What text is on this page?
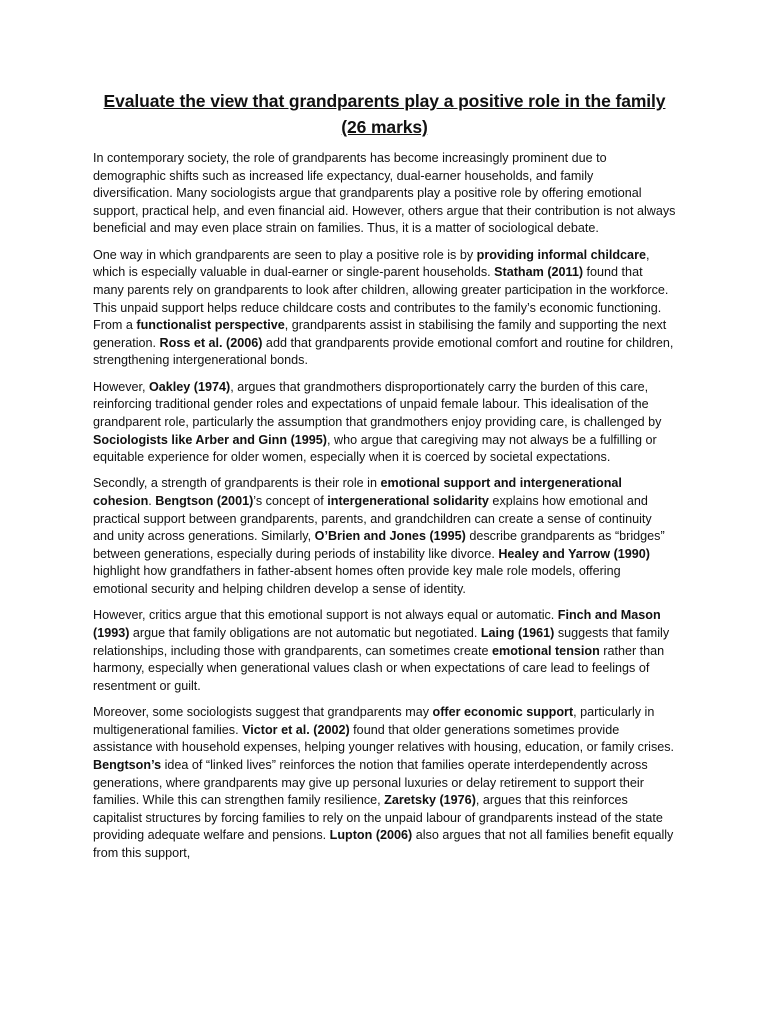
Evaluate the view that grandparents play a positive role in the family (26 marks)

In contemporary society, the role of grandparents has become increasingly prominent due to demographic shifts such as increased life expectancy, dual-earner households, and family diversification. Many sociologists argue that grandparents play a positive role by offering emotional support, practical help, and even financial aid. However, others argue that their contribution is not always beneficial and may even place strain on families. Thus, it is a matter of sociological debate.

One way in which grandparents are seen to play a positive role is by providing informal childcare, which is especially valuable in dual-earner or single-parent households. Statham (2011) found that many parents rely on grandparents to look after children, allowing greater participation in the workforce. This unpaid support helps reduce childcare costs and contributes to the family’s economic functioning. From a functionalist perspective, grandparents assist in stabilising the family and supporting the next generation. Ross et al. (2006) add that grandparents provide emotional comfort and routine for children, strengthening intergenerational bonds.

However, Oakley (1974), argues that grandmothers disproportionately carry the burden of this care, reinforcing traditional gender roles and expectations of unpaid female labour. This idealisation of the grandparent role, particularly the assumption that grandmothers enjoy providing care, is challenged by Sociologists like Arber and Ginn (1995), who argue that caregiving may not always be a fulfilling or equitable experience for older women, especially when it is coerced by societal expectations.

Secondly, a strength of grandparents is their role in emotional support and intergenerational cohesion. Bengtson (2001)’s concept of intergenerational solidarity explains how emotional and practical support between grandparents, parents, and grandchildren can create a sense of continuity and unity across generations. Similarly, O’Brien and Jones (1995) describe grandparents as “bridges” between generations, especially during periods of instability like divorce. Healey and Yarrow (1990) highlight how grandfathers in father-absent homes often provide key male role models, offering emotional security and helping children develop a sense of identity.

However, critics argue that this emotional support is not always equal or automatic. Finch and Mason (1993) argue that family obligations are not automatic but negotiated. Laing (1961) suggests that family relationships, including those with grandparents, can sometimes create emotional tension rather than harmony, especially when generational values clash or when expectations of care lead to feelings of resentment or guilt.

Moreover, some sociologists suggest that grandparents may offer economic support, particularly in multigenerational families. Victor et al. (2002) found that older generations sometimes provide assistance with household expenses, helping younger relatives with housing, education, or family crises. Bengtson’s idea of “linked lives” reinforces the notion that families operate interdependently across generations, where grandparents may give up personal luxuries or delay retirement to support their families. While this can strengthen family resilience, Zaretsky (1976), argues that this reinforces capitalist structures by forcing families to rely on the unpaid labour of grandparents instead of the state providing adequate welfare and pensions. Lupton (2006) also argues that not all families benefit equally from this support,
